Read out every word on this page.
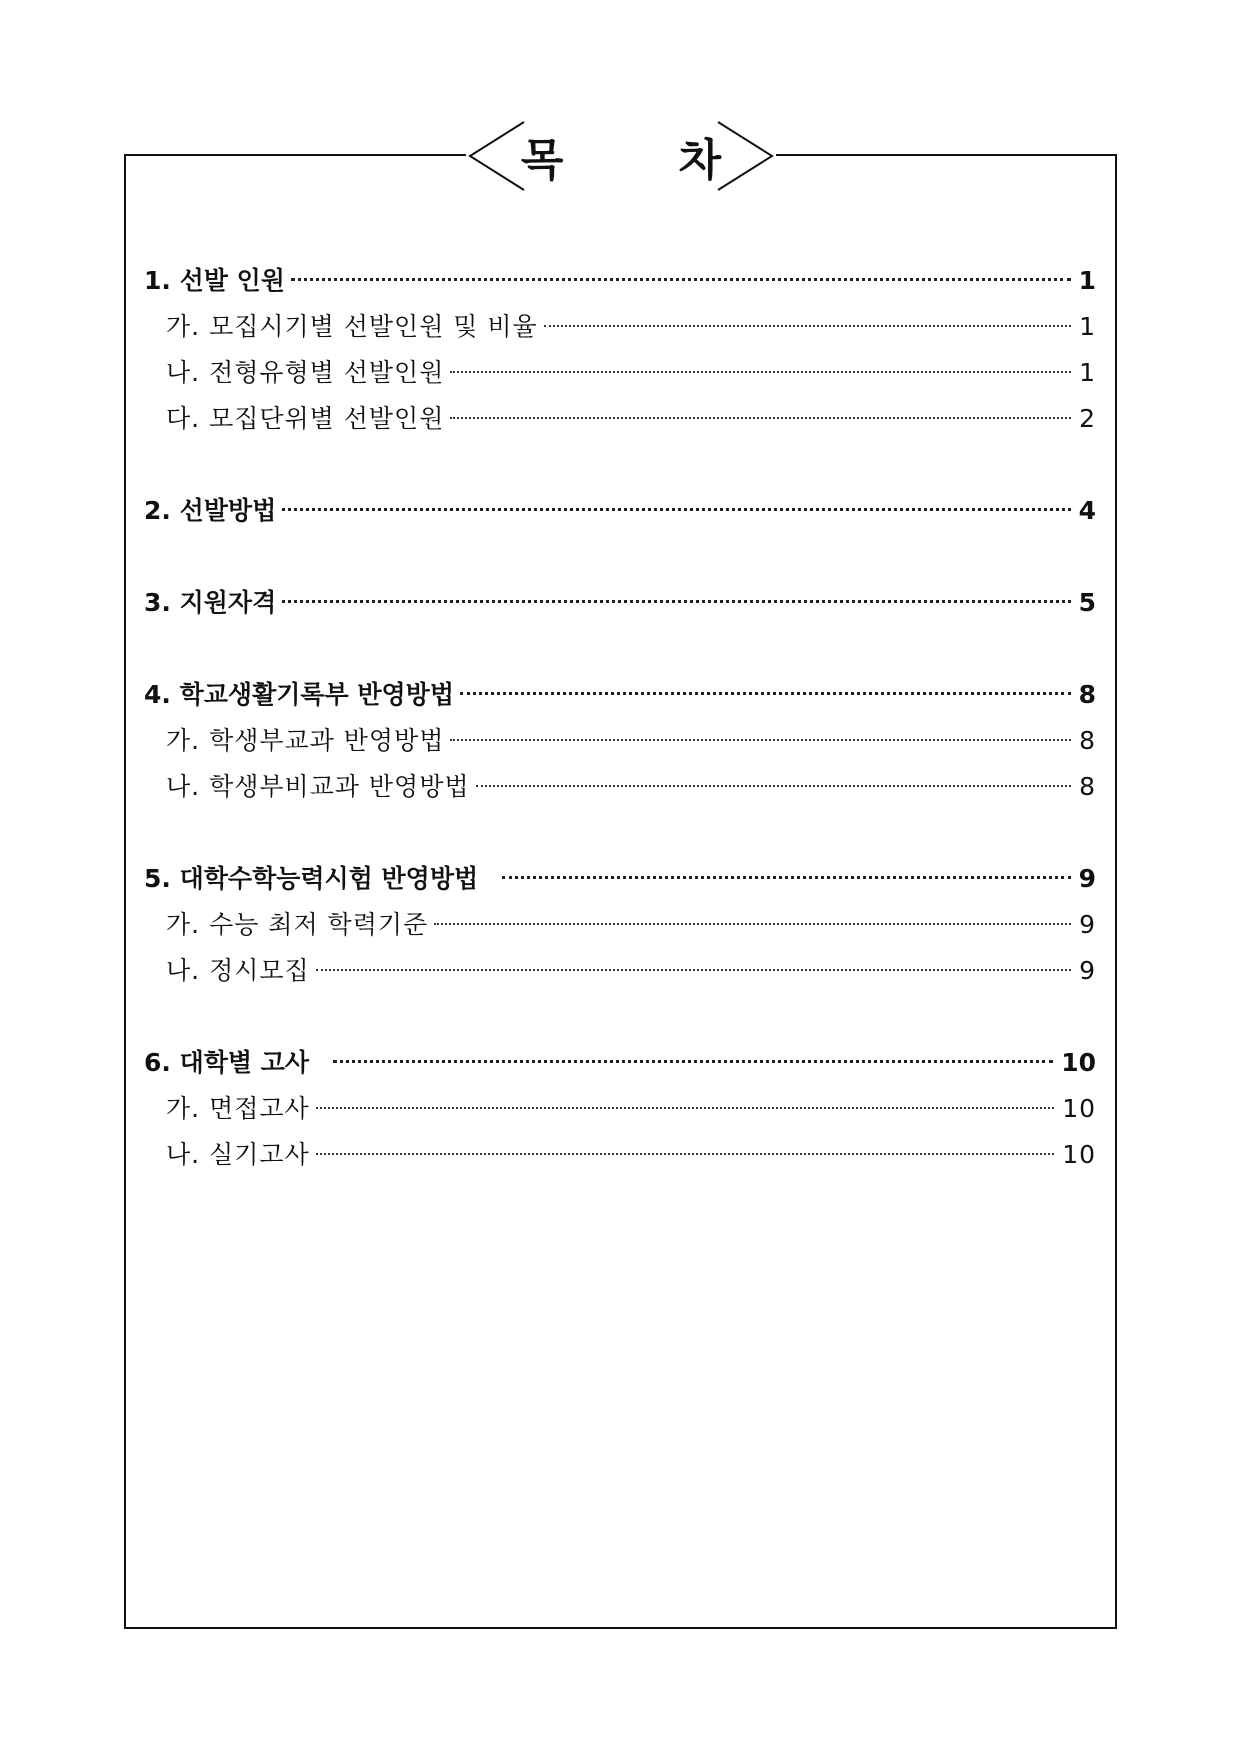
목 차
1. 선발 인원	1
가. 모집시기별 선발인원 및 비율	1
나. 전형유형별 선발인원	1
다. 모집단위별 선발인원	2
2. 선발방법	4
3. 지원자격	5
4. 학교생활기록부 반영방법	8
가. 학생부교과 반영방법	8
나. 학생부비교과 반영방법	8
5. 대학수학능력시험 반영방법	9
가. 수능 최저 학력기준	9
나. 정시모집	9
6. 대학별 고사	10
가. 면접고사	10
나. 실기고사	10
